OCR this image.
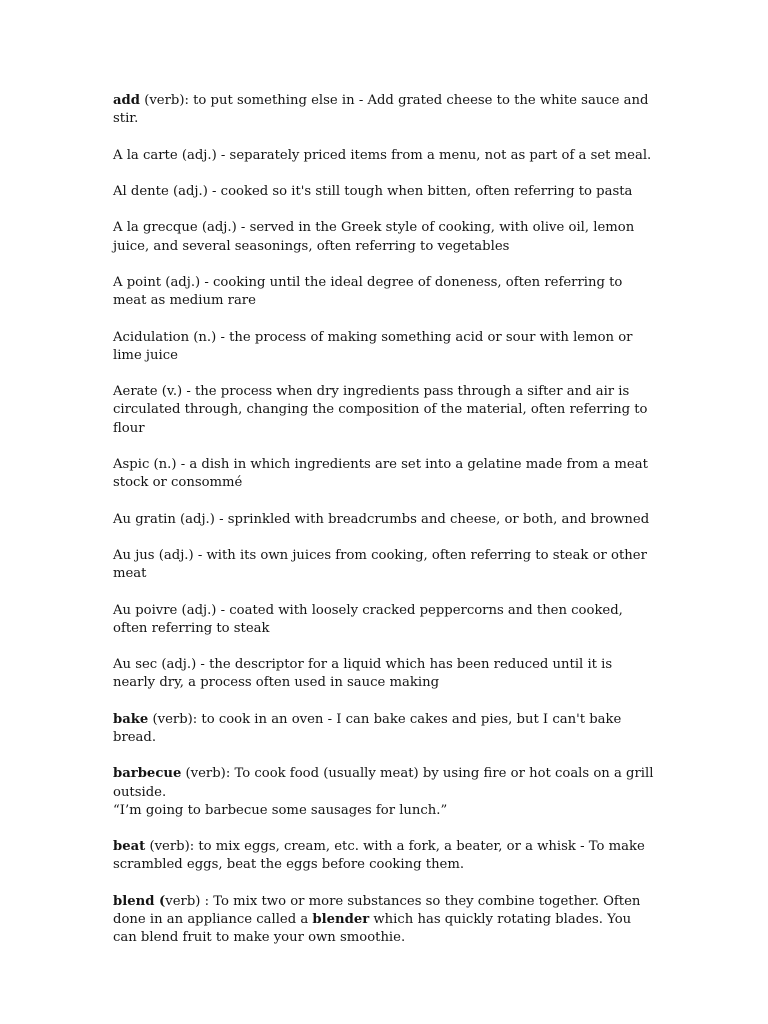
add (verb): to put something else in - Add grated cheese to the white sauce and stir.

A la carte (adj.) - separately priced items from a menu, not as part of a set meal.

Al dente (adj.) - cooked so it's still tough when bitten, often referring to pasta

A la grecque (adj.) - served in the Greek style of cooking, with olive oil, lemon juice, and several seasonings, often referring to vegetables

A point (adj.) - cooking until the ideal degree of doneness, often referring to meat as medium rare

Acidulation (n.) - the process of making something acid or sour with lemon or lime juice

Aerate (v.) - the process when dry ingredients pass through a sifter and air is circulated through, changing the composition of the material, often referring to flour

Aspic (n.) - a dish in which ingredients are set into a gelatine made from a meat stock or consommé

Au gratin (adj.) - sprinkled with breadcrumbs and cheese, or both, and browned

Au jus (adj.) - with its own juices from cooking, often referring to steak or other meat

Au poivre (adj.) - coated with loosely cracked peppercorns and then cooked, often referring to steak

Au sec (adj.) - the descriptor for a liquid which has been reduced until it is nearly dry, a process often used in sauce making

bake (verb): to cook in an oven - I can bake cakes and pies, but I can't bake bread.

barbecue (verb): To cook food (usually meat) by using fire or hot coals on a grill outside.
“I’m going to barbecue some sausages for lunch.”

beat (verb): to mix eggs, cream, etc. with a fork, a beater, or a whisk - To make scrambled eggs, beat the eggs before cooking them.

blend (verb) : To mix two or more substances so they combine together. Often done in an appliance called a blender which has quickly rotating blades. You can blend fruit to make your own smoothie.
